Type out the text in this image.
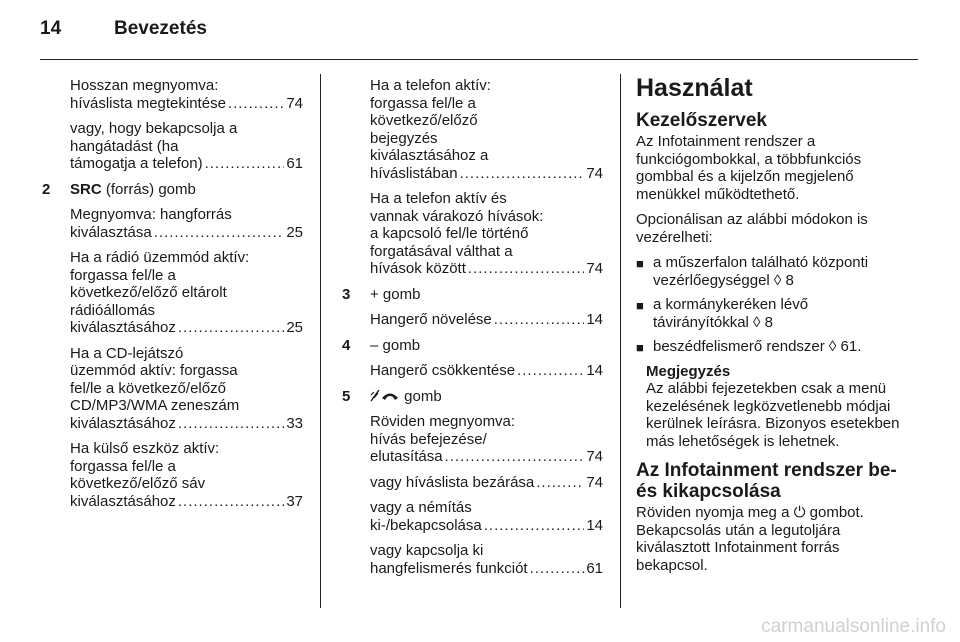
14	Bevezetés
Hosszan megnyomva:
híváslista megtekintése .....	74
vagy, hogy bekapcsolja a
hangátadást (ha
támogatja a telefon) .....	61
2 SRC (forrás) gomb
Megnyomva: hangforrás
kiválasztása .....	25
Ha a rádió üzemmód aktív:
forgassa fel/le a
következő/előző eltárolt
rádióállomás
kiválasztásához .....	25
Ha a CD-lejátszó
üzemmód aktív: forgassa
fel/le a következő/előző
CD/MP3/WMA zeneszám
kiválasztásához .....	33
Ha külső eszköz aktív:
forgassa fel/le a
következő/előző sáv
kiválasztásához .....	37
Ha a telefon aktív:
forgassa fel/le a
következő/előző
bejegyzés
kiválasztásához a
híváslistában .....	74
Ha a telefon aktív és
vannak várakozó hívások:
a kapcsoló fel/le történő
forgatásával válthat a
hívások között .....	74
3 + gomb
Hangerő növelése .....	14
4 – gomb
Hangerő csökkentése .....	14
5	gomb
Röviden megnyomva:
hívás befejezése/
elutasítása .....	74
vagy híváslista bezárása .....	74
vagy a némítás
ki-/bekapcsolása .....	14
vagy kapcsolja ki
hangfelismerés funkciót .....	61
Használat
Kezelőszervek
Az Infotainment rendszer a funkciógombokkal, a többfunkciós gombbal és a kijelzőn megjelenő menükkel működtethető.
Opcionálisan az alábbi módokon is vezérelheti:
■ a műszerfalon található központi vezérlőegységgel ◊ 8
■ a kormánykeréken lévő távirányítókkal ◊ 8
■ beszédfelismerő rendszer ◊ 61.
Megjegyzés
Az alábbi fejezetekben csak a menü kezelésének legközvetlenebb módjai kerülnek leírásra. Bizonyos esetekben más lehetőségek is lehetnek.
Az Infotainment rendszer be- és kikapcsolása
Röviden nyomja meg a ⏻ gombot. Bekapcsolás után a legutoljára kiválasztott Infotainment forrás bekapcsol.
carmanualsonline.info
